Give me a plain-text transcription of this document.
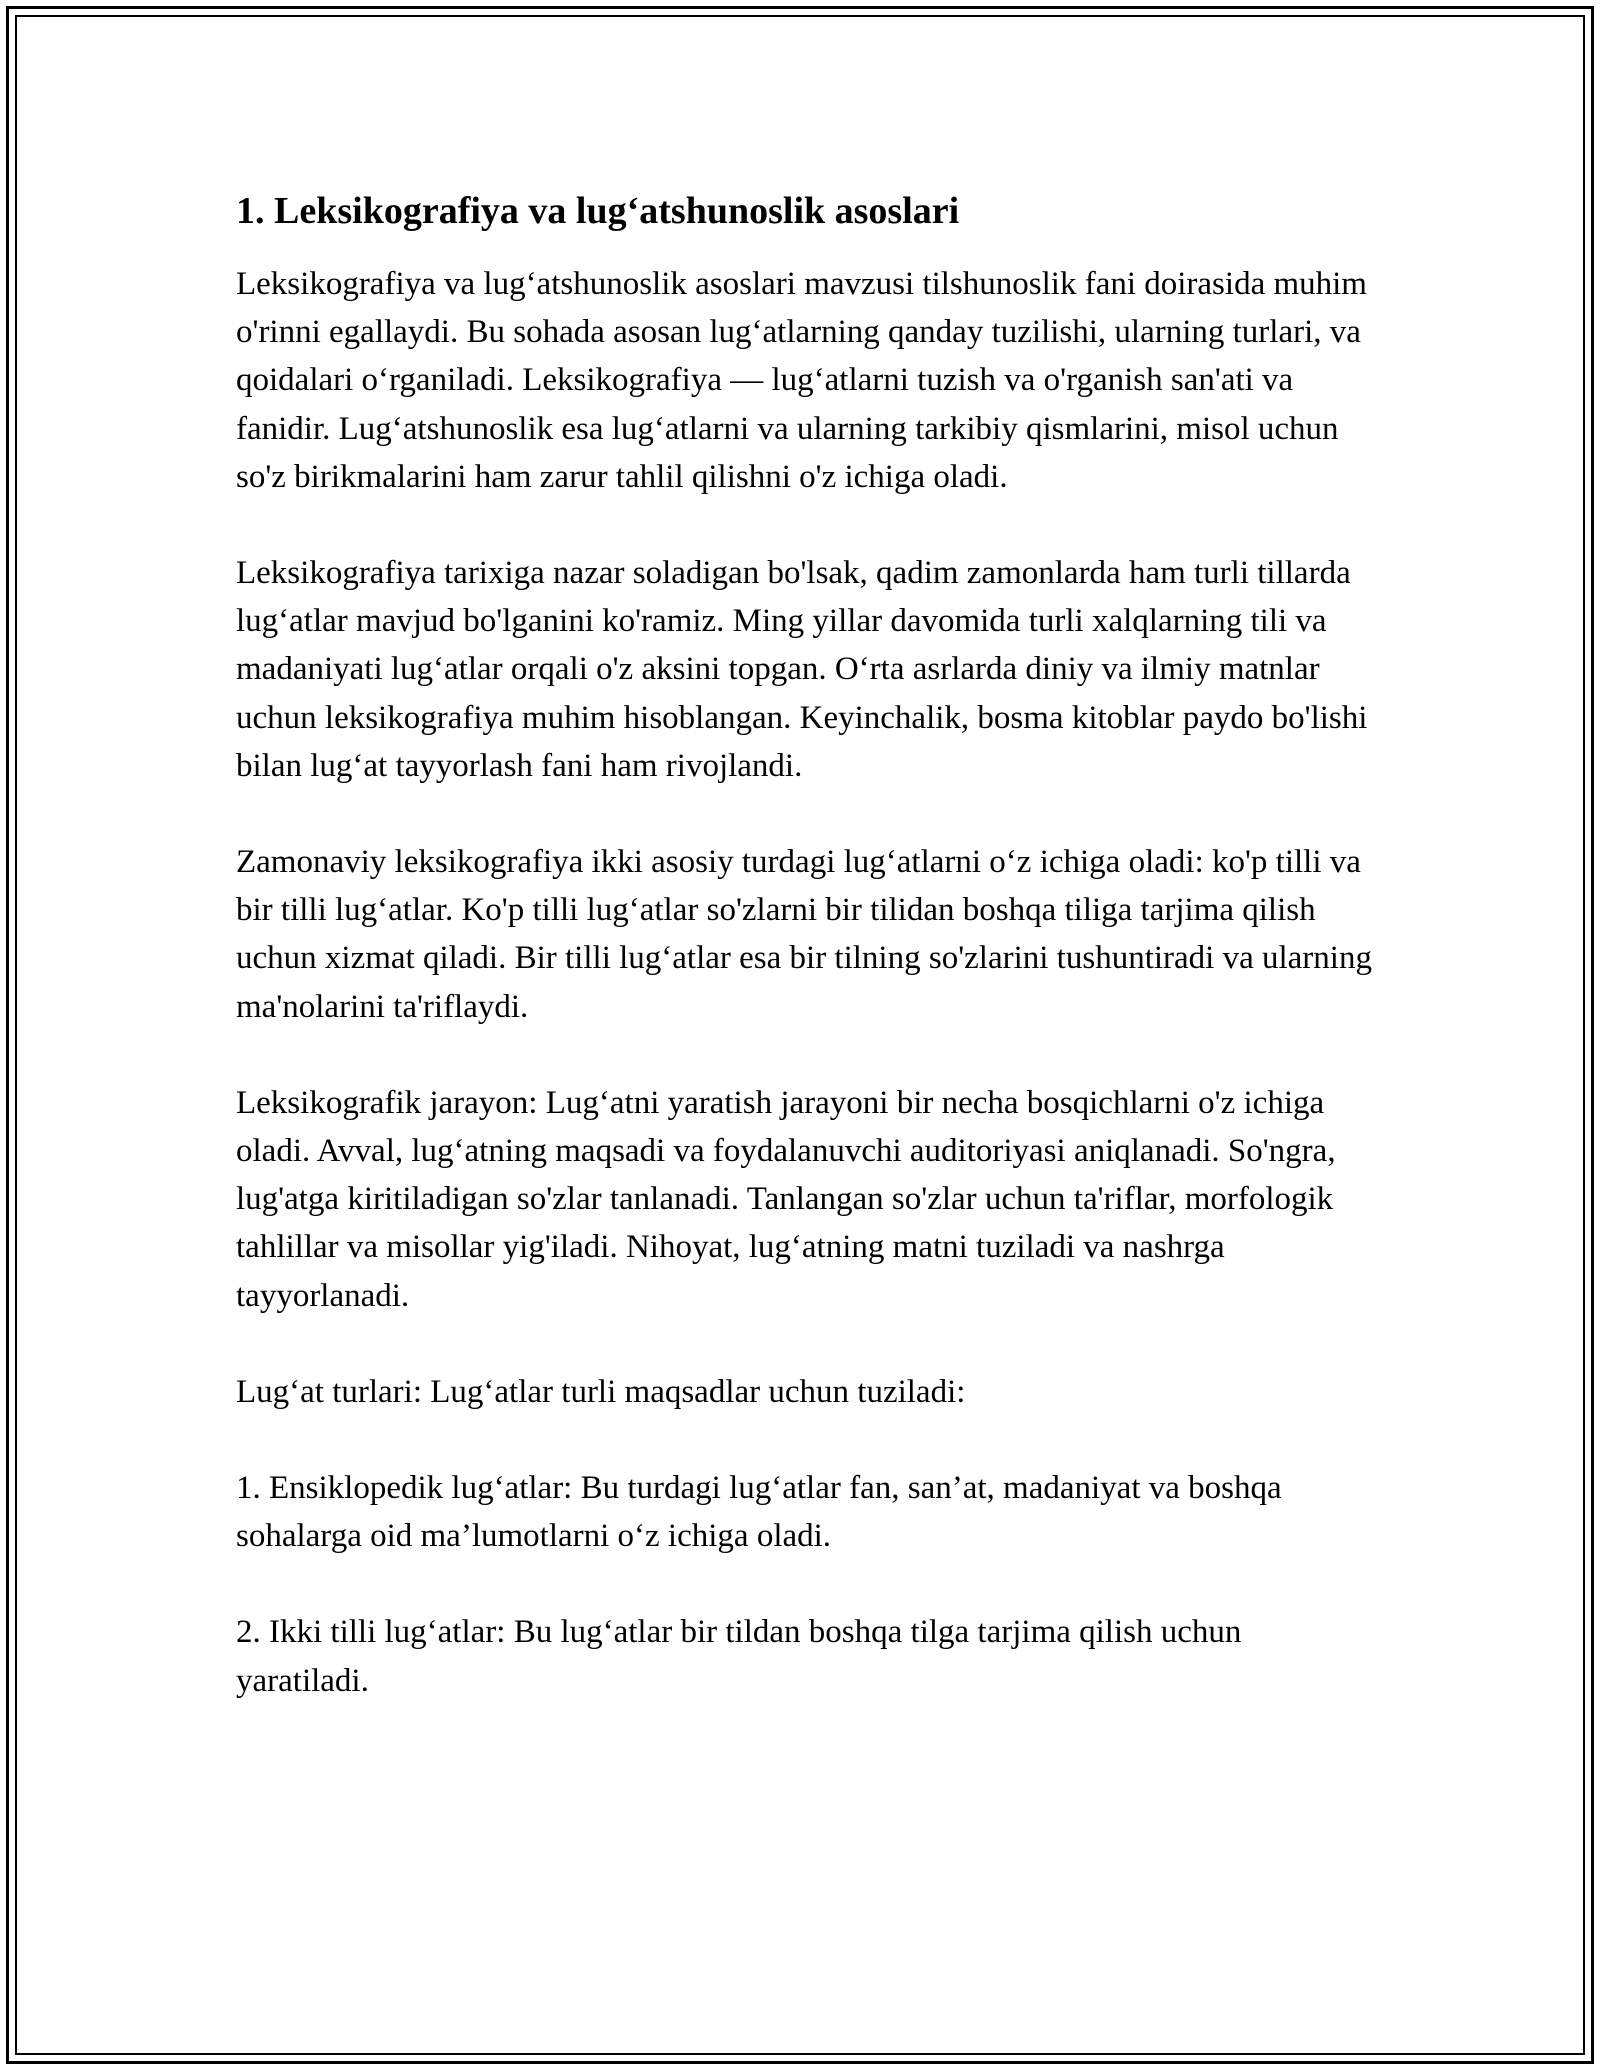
1. Leksikografiya va lug‘atshunoslik asoslari

Leksikografiya va lug‘atshunoslik asoslari mavzusi tilshunoslik fani doirasida muhim o'rinni egallaydi. Bu sohada asosan lug‘atlarning qanday tuzilishi, ularning turlari, va qoidalari o‘rganiladi. Leksikografiya — lug‘atlarni tuzish va o'rganish san'ati va fanidir. Lug‘atshunoslik esa lug‘atlarni va ularning tarkibiy qismlarini, misol uchun so'z birikmalarini ham zarur tahlil qilishni o'z ichiga oladi.

Leksikografiya tarixiga nazar soladigan bo'lsak, qadim zamonlarda ham turli tillarda lug‘atlar mavjud bo'lganini ko'ramiz. Ming yillar davomida turli xalqlarning tili va madaniyati lug‘atlar orqali o'z aksini topgan. O‘rta asrlarda diniy va ilmiy matnlar uchun leksikografiya muhim hisoblangan. Keyinchalik, bosma kitoblar paydo bo'lishi bilan lug‘at tayyorlash fani ham rivojlandi.

Zamonaviy leksikografiya ikki asosiy turdagi lug‘atlarni o‘z ichiga oladi: ko'p tilli va bir tilli lug‘atlar. Ko'p tilli lug‘atlar so'zlarni bir tilidan boshqa tiliga tarjima qilish uchun xizmat qiladi. Bir tilli lug‘atlar esa bir tilning so'zlarini tushuntiradi va ularning ma'nolarini ta'riflaydi.

Leksikografik jarayon: Lug‘atni yaratish jarayoni bir necha bosqichlarni o'z ichiga oladi. Avval, lug‘atning maqsadi va foydalanuvchi auditoriyasi aniqlanadi. So'ngra, lug'atga kiritiladigan so'zlar tanlanadi. Tanlangan so'zlar uchun ta'riflar, morfologik tahlillar va misollar yig'iladi. Nihoyat, lug‘atning matni tuziladi va nashrga tayyorlanadi.

Lug‘at turlari: Lug‘atlar turli maqsadlar uchun tuziladi:

1. Ensiklopedik lug‘atlar: Bu turdagi lug‘atlar fan, san’at, madaniyat va boshqa sohalarga oid ma’lumotlarni o‘z ichiga oladi.

2. Ikki tilli lug‘atlar: Bu lug‘atlar bir tildan boshqa tilga tarjima qilish uchun yaratiladi.
